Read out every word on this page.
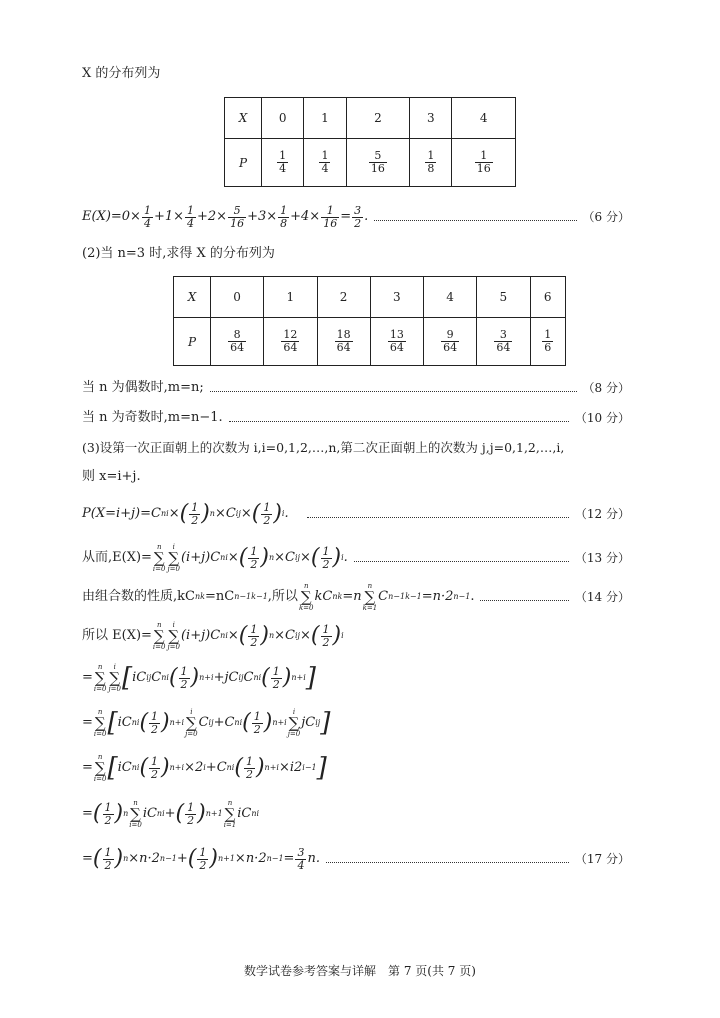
X 的分布列为
X	0	1	2	3	4
P	$\frac{1}{4}$	$\frac{1}{4}$	$\frac{5}{16}$	$\frac{1}{8}$	$\frac{1}{16}$
$E(X)=0\times \frac{1}{4} +1\times \frac{1}{4} +2\times \frac{5}{16} +3\times \frac{1}{8} +4\times \frac{1}{16} = \frac{3}{2}$ .	（6 分）
(2)当 n=3 时,求得 X 的分布列为
X	0	1	2	3	4	5	6
P	$\frac{8}{64}$	$\frac{12}{64}$	$\frac{18}{64}$	$\frac{13}{64}$	$\frac{9}{64}$	$\frac{3}{64}$	$\frac{1}{6}$
当 n 为偶数时,m=n;	（8 分）
当 n 为奇数时,m=n−1.	（10 分）
(3)设第一次正面朝上的次数为 i,i=0,1,2,…,n,第二次正面朝上的次数为 j,j=0,1,2,…,i,
则 x=i+j.
P(X=i+j)=C n i × ( $\frac{1}{2}$ ) n ×C i j × ( $\frac{1}{2}$ ) i .	（12 分）
从而,E(X)=
n
∑
i=0
i
∑
j=0
(i+j)C n i × ( $\frac{1}{2}$ ) n ×C i j × ( $\frac{1}{2}$ ) i .	（13 分）
由组合数的性质,kC n k =nC n−1 k−1 ,所以
n
∑
k=0
kC n k =n
n
∑
k=1
C n−1 k−1 =n·2 n−1 .	（14 分）
所以 E(X)=
n
∑
i=0
i
∑
j=0
(i+j)C n i × ( $\frac{1}{2}$ ) n ×C i j × ( $\frac{1}{2}$ ) i
=
n
∑
i=0
i
∑
j=0 [ iC i j C n i ( $\frac{1}{2}$ ) n+i +jC i j C n i ( $\frac{1}{2}$ ) n+i ]
=
n
∑
i=0 [ iC n i ( $\frac{1}{2}$ ) n+i
i
∑
j=0
C i j +C n i ( $\frac{1}{2}$ ) n+i
i
∑
j=0
jC i j ]
=
n
∑
i=0 [ iC n i ( $\frac{1}{2}$ ) n+i ×2 i +C n i ( $\frac{1}{2}$ ) n+i ×i2 i−1 ]
= ( $\frac{1}{2}$ ) n
n
∑
i=0
iC n i + ( $\frac{1}{2}$ ) n+1
n
∑
i=1
iC n i
= ( $\frac{1}{2}$ ) n ×n·2 n−1 + ( $\frac{1}{2}$ ) n+1 ×n·2 $n-1 = \frac{3}{4} n$.	（17 分）
数学试卷参考答案与详解　第 7 页(共 7 页)
